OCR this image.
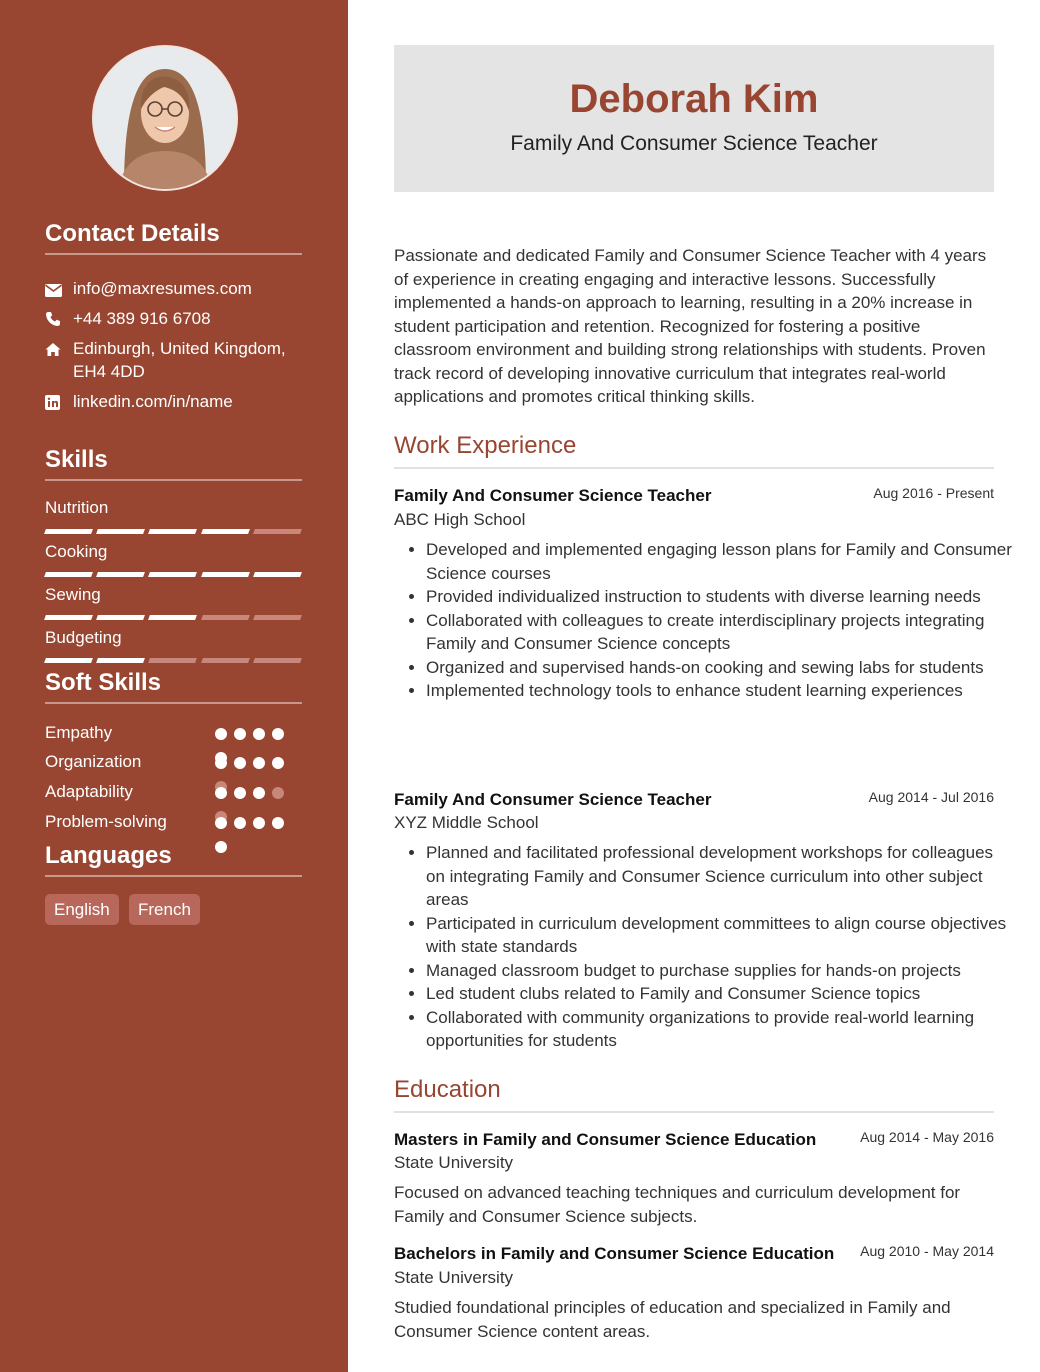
Contact Details
info@maxresumes.com
+44 389 916 6708
Edinburgh, United Kingdom, EH4 4DD
linkedin.com/in/name
Skills
Nutrition
Cooking
Sewing
Budgeting
Soft Skills
Empathy
Organization
Adaptability
Problem-solving
Languages
English	French
Deborah Kim
Family And Consumer Science Teacher
Passionate and dedicated Family and Consumer Science Teacher with 4 years of experience in creating engaging and interactive lessons. Successfully implemented a hands-on approach to learning, resulting in a 20% increase in student participation and retention. Recognized for fostering a positive classroom environment and building strong relationships with students. Proven track record of developing innovative curriculum that integrates real-world applications and promotes critical thinking skills.
Work Experience
Family And Consumer Science Teacher	Aug 2016 - Present
ABC High School
• Developed and implemented engaging lesson plans for Family and Consumer Science courses
• Provided individualized instruction to students with diverse learning needs
• Collaborated with colleagues to create interdisciplinary projects integrating Family and Consumer Science concepts
• Organized and supervised hands-on cooking and sewing labs for students
• Implemented technology tools to enhance student learning experiences
Family And Consumer Science Teacher	Aug 2014 - Jul 2016
XYZ Middle School
• Planned and facilitated professional development workshops for colleagues on integrating Family and Consumer Science curriculum into other subject areas
• Participated in curriculum development committees to align course objectives with state standards
• Managed classroom budget to purchase supplies for hands-on projects
• Led student clubs related to Family and Consumer Science topics
• Collaborated with community organizations to provide real-world learning opportunities for students
Education
Masters in Family and Consumer Science Education	Aug 2014 - May 2016
State University
Focused on advanced teaching techniques and curriculum development for Family and Consumer Science subjects.
Bachelors in Family and Consumer Science Education Aug 2010 - May 2014
State University
Studied foundational principles of education and specialized in Family and Consumer Science content areas.
